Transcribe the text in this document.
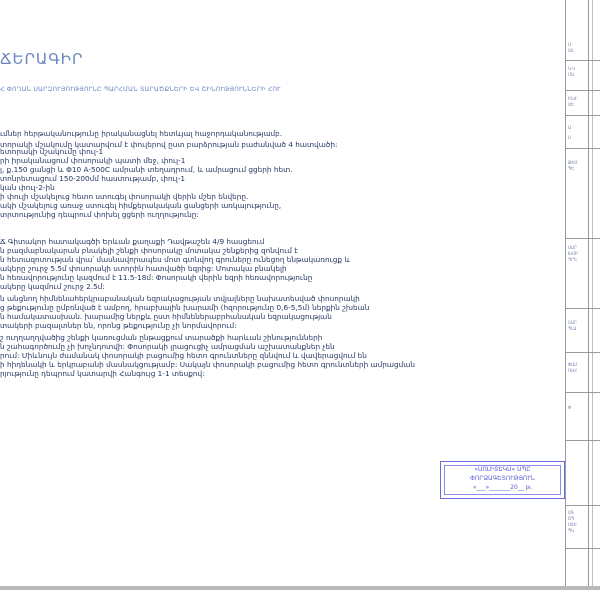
ՃԵՐԱԳԻՐ
Հ ՓՈՂԱՆ ՍԱՐԶՈՒՅՈՒԹՅՈՒՆԸ ՊԱՐՀՄԱՆ ՏԱՐԱԾՔՆԵՐԻ ԵՎ ՇԻՆՈՒԹՅՈՒՆՆԵՐԻ ՀՈՒ
տորակի մշակումը կատարվում է փուլերով ըստ բարձրության բաժանված 4 հատվածի:
ւմներ հերթականությունը իրականացնել հետևյալ հաջորդականությամբ.
ետորակի մշակումը փուլ-1
րի իրականացում փոսորակի պատի մեջ, փուլ-1
լ, ք.150 ցանցի և Փ10 A-500C ամրանի տեղադրում, և ամրացում ցցերի հետ.
տոնրետացում 150-200մմ հաստությամբ, փուլ-1
կան փուլ-2-ին
ի փուլի մշակելուց հետո ստուգել փոսորակի վերին մշեր ենվերը.
ակի մշակելուց առաջ ստուգել հիմքերակական ցանցերի առկայությունը,
տրտությունից դեպրում փոխել ցցերի ուղղությունը:
Ճ Գիտակոր հատակագծի Երևան քաղաքի Դավթաշեն 4/9 հասցեում
ն բազմաբնակարան բնակելի շենքի փոսորակը մոտակա շենքերից զոնվում է
ն հետազոտության վրա՛ մասնավորապես մոտ գտնվող գրուները ունեցող ենթակառուցք և
ակերը շուրջ 5.5մ փոսորակի ստորին հատվածի եզրից: Մոտակա բնակելի
ն հեռավորությունը կազմում է 11.5-18մ: Փոսորակի վերին եզրի հեռավորությունը
ակերը կազմում շուրջ 2.5մ:
ն անցնող հիմնենահերկրաբանական եզրակացության տվյալները նախատեսված փոսորակի
ց թեքությունը ըմբռնված է ամբող, հրաբխային խարամի (հզորությունը 0,6-5,5մ) ներքին շխեան
ն համակատասխան. խարամից ներքև ըստ հիմնեներաբրհանական եզրակացության
տակերի բազալտներ են, որոնց թեքությունը չի նորմավորում:
շ ուղղաղղվածից շենքի կառուցման ընթացքում տարածքի հարևան շինությունների
ն շահագործումը չի խոչնդոտվի: Փոսորակի լրացուցիչ ամրացման աշխատանքներ չեն
րում: Միևնույն ժամանակ փոսորակի բացումից հետո գրունտները զննվում և վավերացվում են
ի հիդենակի և երկրաբանի մասնակցությամբ: Սակայն փոսորակի բացումից հետո գրունտների ամրացման
րյությունը դեպրում կատարվի Հանգույց 1-1 տեսքով:
«ՍՈԼԻՏԵԿՍ» ՍՊԸ
ՓՈՐՁԱԳԵՏՈՒԹՅՈՒՆ
«___»_______20__ թ.
Մ
ՏԵ
Կ·Կ
ՄԱ
ԻՆԺ
ՍԵ
Ա
Ս
ԹԵՄ
ՊԵ
ՍԱՐ
ԽՄԲ
ՊՐԵ
ՏԱՐ
ՊԼԱ
ՓԱՍ
ՌԱՀ
Փ
ՍՏ
ՕՊ
ՍՏԵ
ՊԿ
